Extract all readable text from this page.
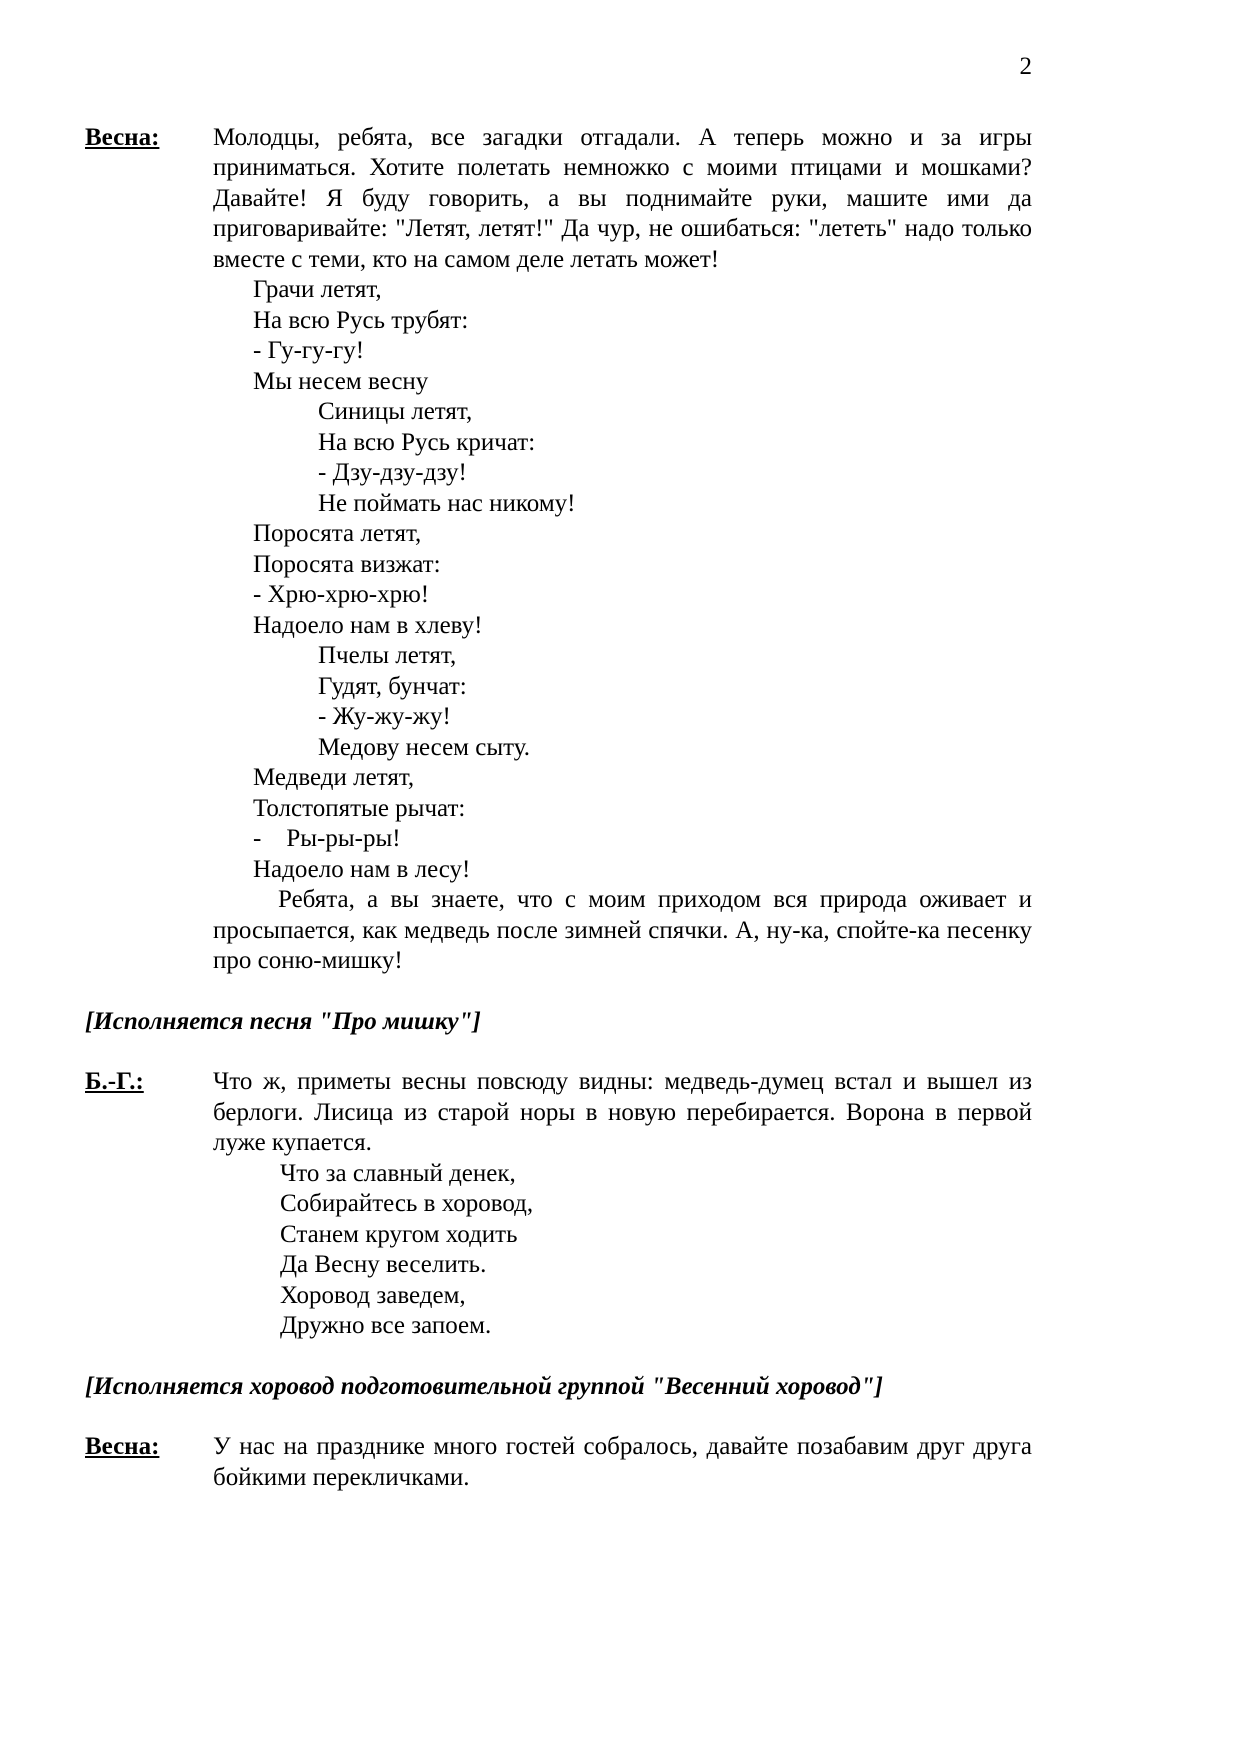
2
Весна:	Молодцы, ребята, все загадки отгадали. А теперь можно и за игры приниматься. Хотите полетать немножко с моими птицами и мошками? Давайте! Я буду говорить, а вы поднимайте руки, машите ими да приговаривайте: "Летят, летят!" Да чур, не ошибаться: "лететь" надо только вместе с теми, кто на самом деле летать может!
Грачи летят,
На всю Русь трубят:
- Гу-гу-гу!
Мы несем весну
Синицы летят,
На всю Русь кричат:
- Дзу-дзу-дзу!
Не поймать нас никому!
Поросята летят,
Поросята визжат:
- Хрю-хрю-хрю!
Надоело нам в хлеву!
Пчелы летят,
Гудят, бунчат:
- Жу-жу-жу!
Медову несем сыту.
Медведи летят,
Толстопятые рычат:
-    Ры-ры-ры!
Надоело нам в лесу!
Ребята, а вы знаете, что с моим приходом вся природа оживает и просыпается, как медведь после зимней спячки. А, ну-ка, спойте-ка песенку про соню-мишку!
[Исполняется песня "Про мишку"]
Б.-Г.:	Что ж, приметы весны повсюду видны: медведь-думец встал и вышел из берлоги. Лисица из старой норы в новую перебирается. Ворона в первой луже купается.
Что за славный денек,
Собирайтесь в хоровод,
Станем кругом ходить
Да Весну веселить.
Хоровод заведем,
Дружно все запоем.
[Исполняется хоровод подготовительной группой "Весенний хоровод"]
Весна:	У нас на празднике много гостей собралось, давайте позабавим друг друга бойкими перекличками.
